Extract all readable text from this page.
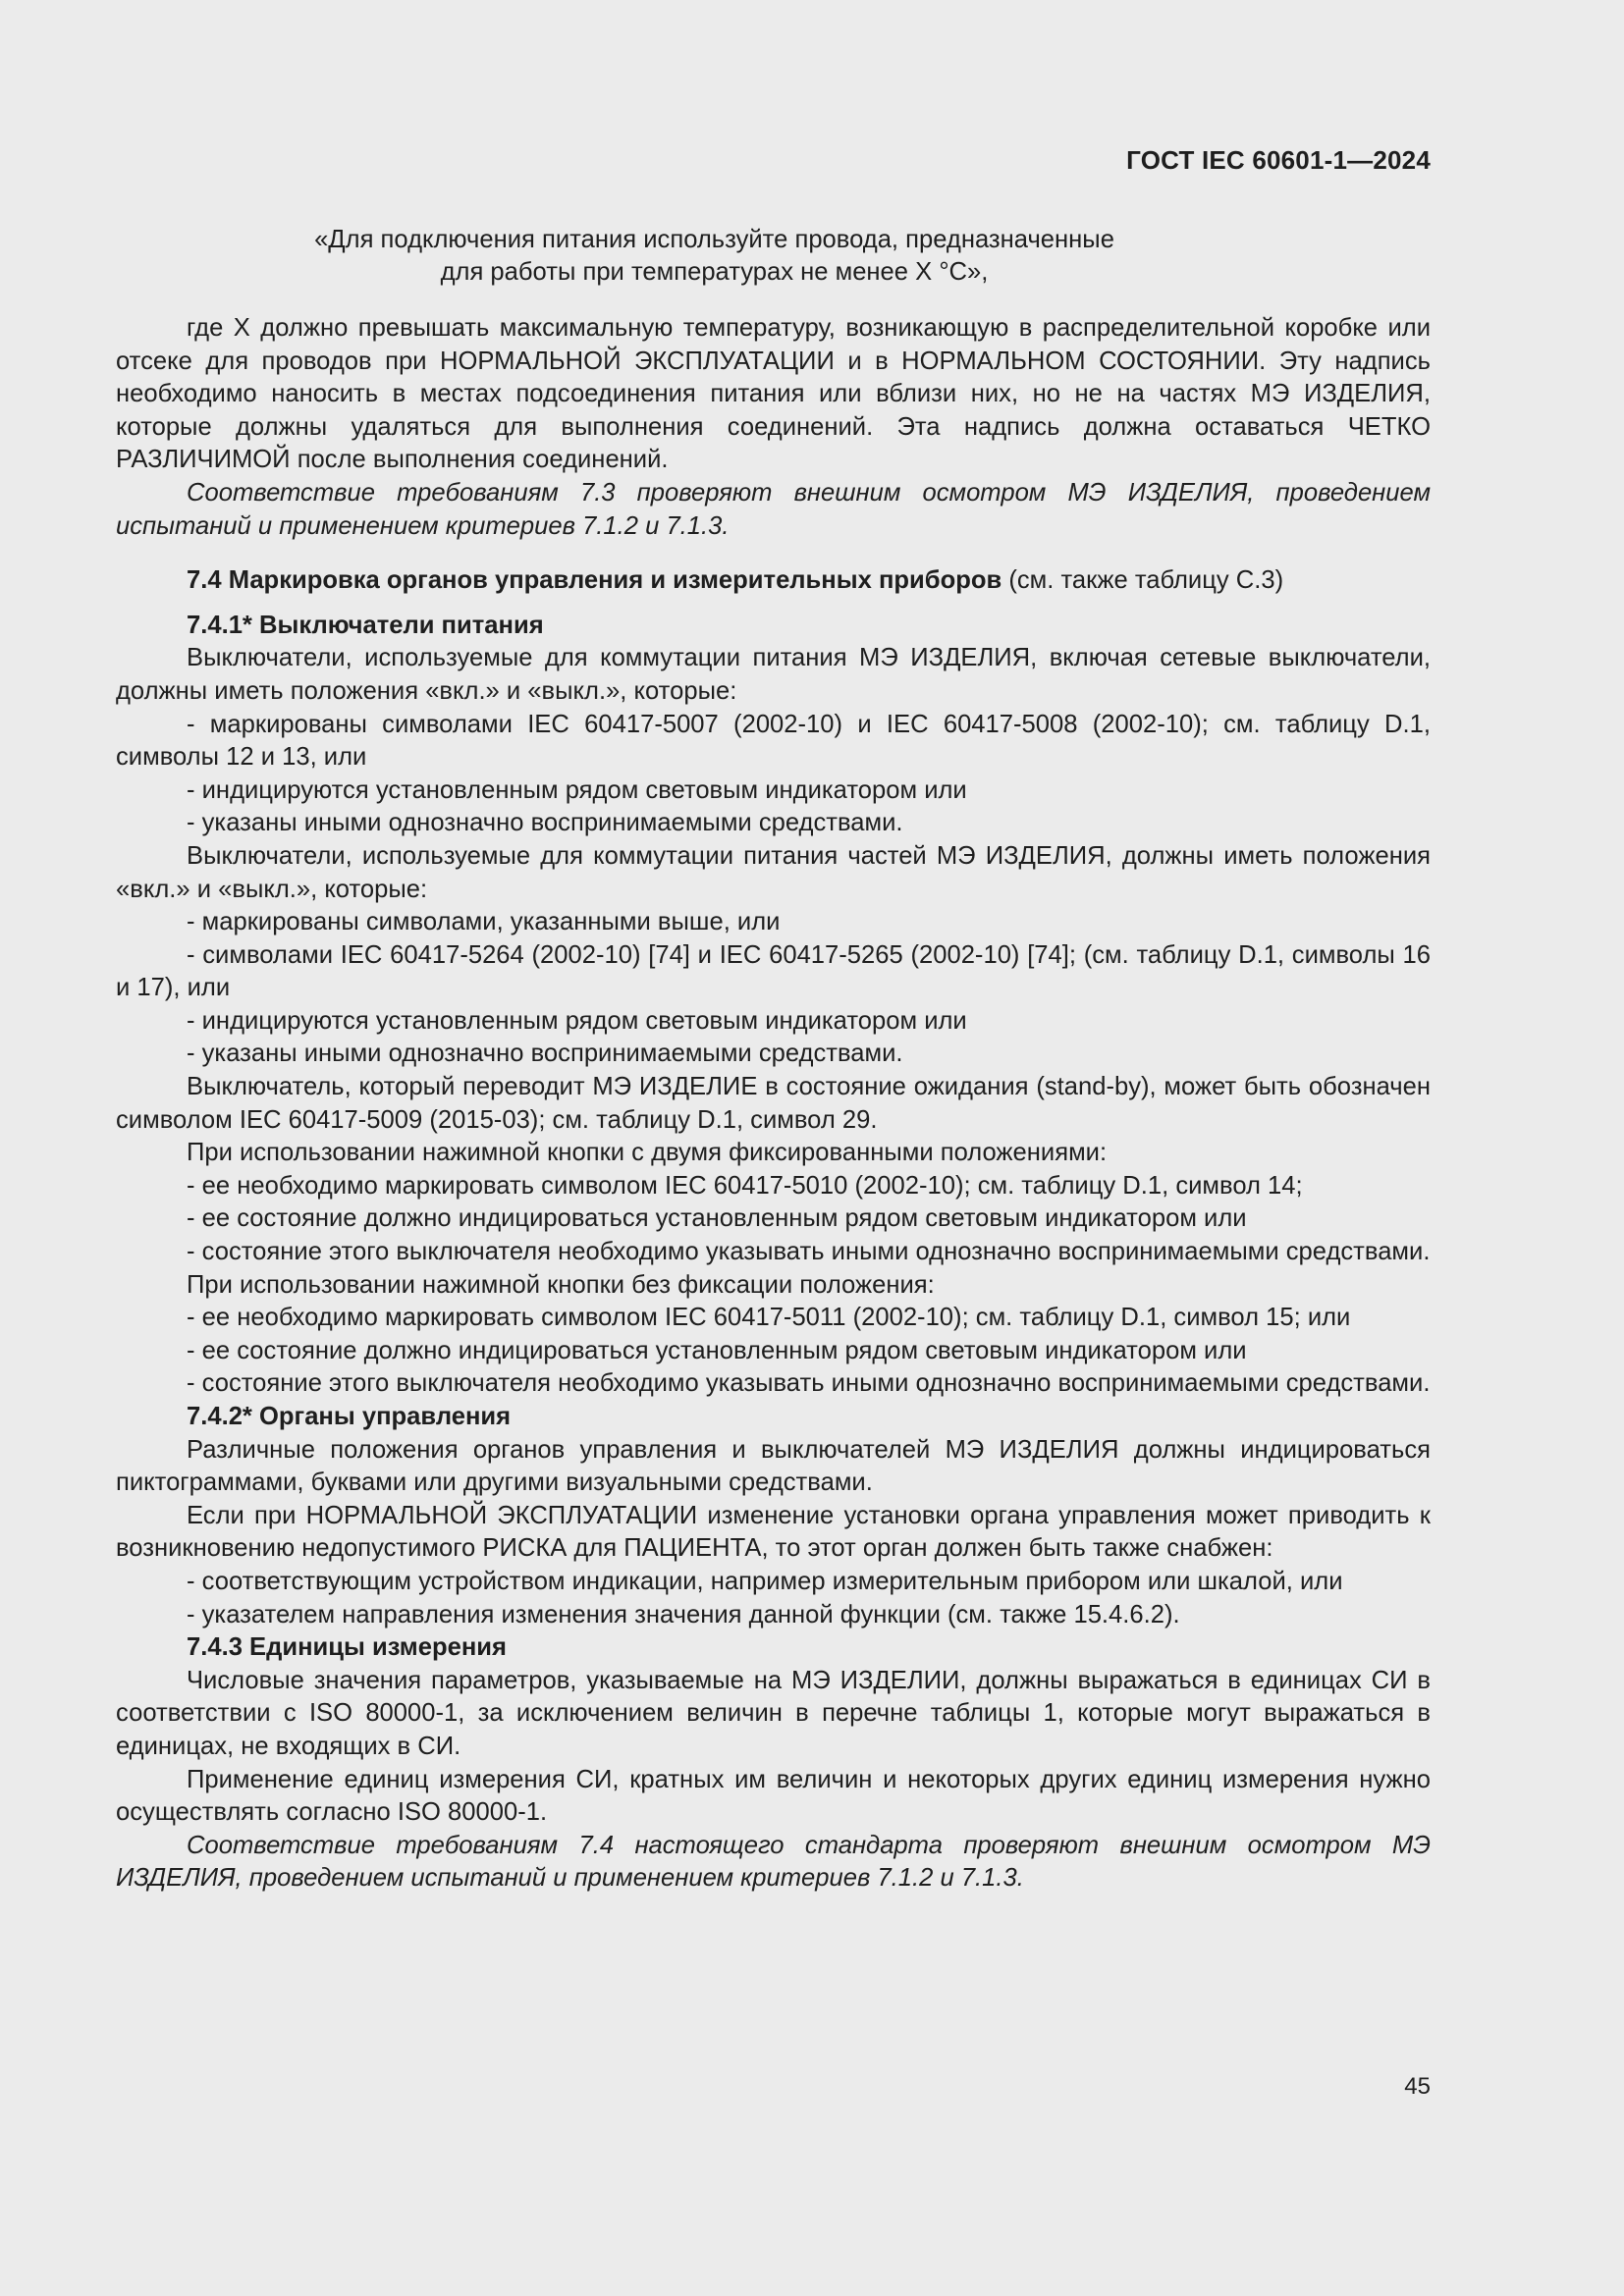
ГОСТ IEC 60601-1—2024
«Для подключения питания используйте провода, предназначенные
для работы при температурах не менее Х °С»,

где Х должно превышать максимальную температуру, возникающую в распределительной коробке или отсеке для проводов при НОРМАЛЬНОЙ ЭКСПЛУАТАЦИИ и в НОРМАЛЬНОМ СОСТОЯНИИ. Эту надпись необходимо наносить в местах подсоединения питания или вблизи них, но не на частях МЭ ИЗДЕЛИЯ, которые должны удаляться для выполнения соединений. Эта надпись должна оставаться ЧЕТКО РАЗЛИЧИМОЙ после выполнения соединений.

Соответствие требованиям 7.3 проверяют внешним осмотром МЭ ИЗДЕЛИЯ, проведением испытаний и применением критериев 7.1.2 и 7.1.3.

7.4 Маркировка органов управления и измерительных приборов (см. также таблицу С.3)
7.4.1* Выключатели питания

Выключатели, используемые для коммутации питания МЭ ИЗДЕЛИЯ, включая сетевые выключатели, должны иметь положения «вкл.» и «выкл.», которые:

- маркированы символами IEC 60417-5007 (2002-10) и IEC 60417-5008 (2002-10); см. таблицу D.1, символы 12 и 13, или
- индицируются установленным рядом световым индикатором или
- указаны иными однозначно воспринимаемыми средствами.

Выключатели, используемые для коммутации питания частей МЭ ИЗДЕЛИЯ, должны иметь положения «вкл.» и «выкл.», которые:

- маркированы символами, указанными выше, или
- символами IEC 60417-5264 (2002-10) [74] и IEC 60417-5265 (2002-10) [74]; (см. таблицу D.1, символы 16 и 17), или
- индицируются установленным рядом световым индикатором или
- указаны иными однозначно воспринимаемыми средствами.

Выключатель, который переводит МЭ ИЗДЕЛИЕ в состояние ожидания (stand-by), может быть обозначен символом IEC 60417-5009 (2015-03); см. таблицу D.1, символ 29.

При использовании нажимной кнопки с двумя фиксированными положениями:

- ее необходимо маркировать символом IEC 60417-5010 (2002-10); см. таблицу D.1, символ 14;
- ее состояние должно индицироваться установленным рядом световым индикатором или
- состояние этого выключателя необходимо указывать иными однозначно воспринимаемыми средствами.

При использовании нажимной кнопки без фиксации положения:

- ее необходимо маркировать символом IEC 60417-5011 (2002-10); см. таблицу D.1, символ 15; или
- ее состояние должно индицироваться установленным рядом световым индикатором или
- состояние этого выключателя необходимо указывать иными однозначно воспринимаемыми средствами.
7.4.2* Органы управления

Различные положения органов управления и выключателей МЭ ИЗДЕЛИЯ должны индицироваться пиктограммами, буквами или другими визуальными средствами.

Если при НОРМАЛЬНОЙ ЭКСПЛУАТАЦИИ изменение установки органа управления может приводить к возникновению недопустимого РИСКА для ПАЦИЕНТА, то этот орган должен быть также снабжен:

- соответствующим устройством индикации, например измерительным прибором или шкалой, или
- указателем направления изменения значения данной функции (см. также 15.4.6.2).
7.4.3 Единицы измерения

Числовые значения параметров, указываемые на МЭ ИЗДЕЛИИ, должны выражаться в единицах СИ в соответствии с ISO 80000-1, за исключением величин в перечне таблицы 1, которые могут выражаться в единицах, не входящих в СИ.

Применение единиц измерения СИ, кратных им величин и некоторых других единиц измерения нужно осуществлять согласно ISO 80000-1.

Соответствие требованиям 7.4 настоящего стандарта проверяют внешним осмотром МЭ ИЗДЕЛИЯ, проведением испытаний и применением критериев 7.1.2 и 7.1.3.

45
